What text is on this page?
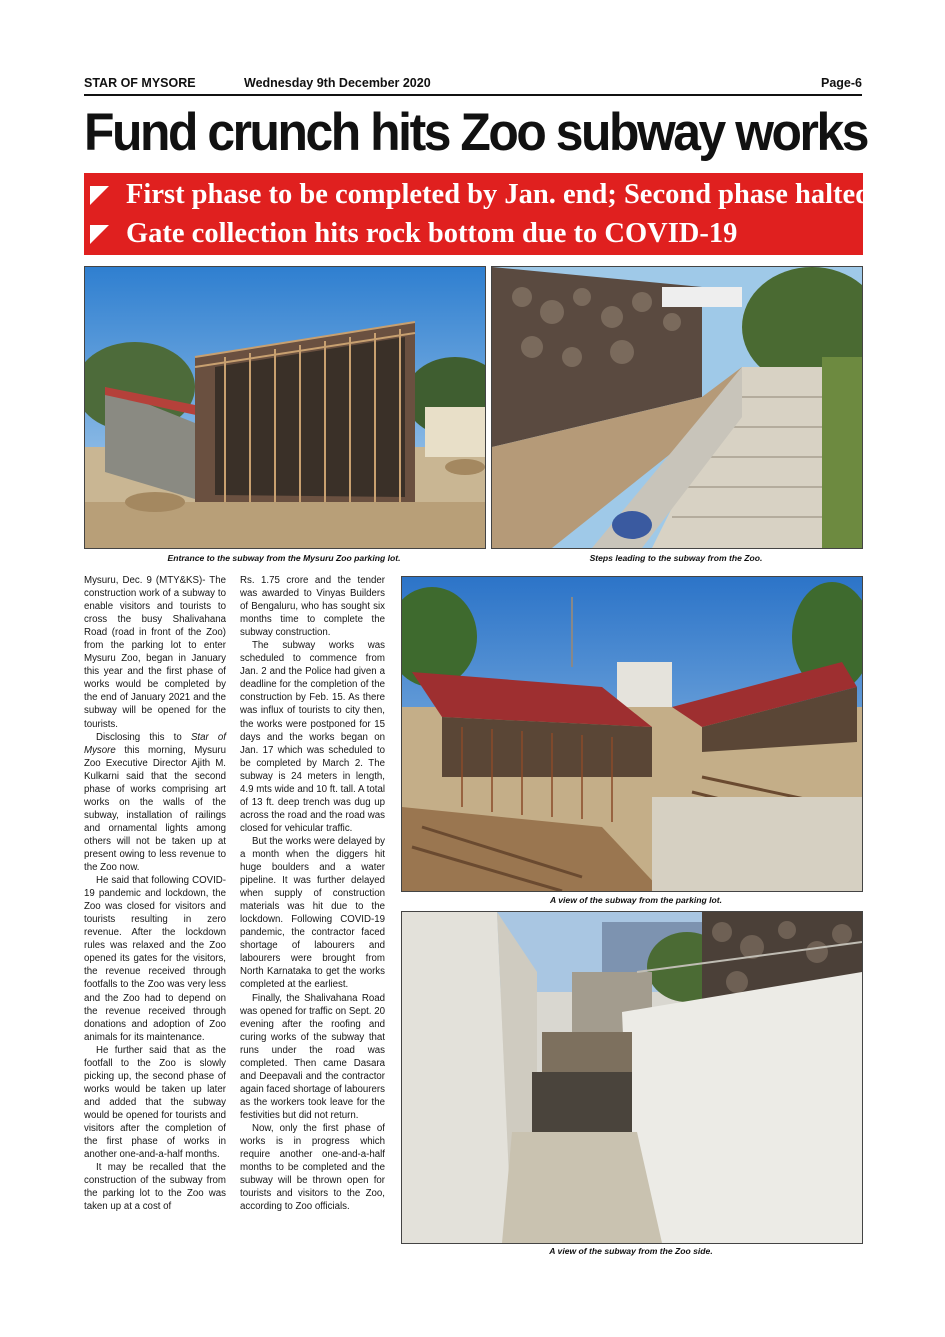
STAR OF MYSORE	Wednesday 9th December 2020	Page-6
Fund crunch hits Zoo subway works
First phase to be completed by Jan. end; Second phase halted
Gate collection hits rock bottom due to COVID-19
Entrance to the subway from the Mysuru Zoo parking lot.	Steps leading to the subway from the Zoo.

Mysuru, Dec. 9 (MTY&KS)- The construction work of a subway to enable visitors and tourists to cross the busy Shalivahana Road (road in front of the Zoo) from the parking lot to enter Mysuru Zoo, began in January this year and the first phase of works would be completed by the end of January 2021 and the subway will be opened for the tourists.

Disclosing this to Star of Mysore this morning, Mysuru Zoo Executive Director Ajith M. Kulkarni said that the second phase of works comprising art works on the walls of the subway, installation of railings and ornamental lights among others will not be taken up at present owing to less revenue to the Zoo now.

He said that following COVID-19 pandemic and lockdown, the Zoo was closed for visitors and tourists resulting in zero revenue. After the lockdown rules was relaxed and the Zoo opened its gates for the visitors, the revenue received through footfalls to the Zoo was very less and the Zoo had to depend on the revenue received through donations and adoption of Zoo animals for its maintenance.

He further said that as the footfall to the Zoo is slowly picking up, the second phase of works would be taken up later and added that the subway would be opened for tourists and visitors after the completion of the first phase of works in another one-and-a-half months.

It may be recalled that the construction of the subway from the parking lot to the Zoo was taken up at a cost of

Rs. 1.75 crore and the tender was awarded to Vinyas Builders of Bengaluru, who has sought six months time to complete the subway construction.

The subway works was scheduled to commence from Jan. 2 and the Police had given a deadline for the completion of the construction by Feb. 15. As there was influx of tourists to city then, the works were postponed for 15 days and the works began on Jan. 17 which was scheduled to be completed by March 2. The subway is 24 meters in length, 4.9 mts wide and 10 ft. tall. A total of 13 ft. deep trench was dug up across the road and the road was closed for vehicular traffic.

But the works were delayed by a month when the diggers hit huge boulders and a water pipeline. It was further delayed when supply of construction materials was hit due to the lockdown. Following COVID-19 pandemic, the contractor faced shortage of labourers and labourers were brought from North Karnataka to get the works completed at the earliest.

Finally, the Shalivahana Road was opened for traffic on Sept. 20 evening after the roofing and curing works of the subway that runs under the road was completed. Then came Dasara and Deepavali and the contractor again faced shortage of labourers as the workers took leave for the festivities but did not return.

Now, only the first phase of works is in progress which require another one-and-a-half months to be completed and the subway will be thrown open for tourists and visitors to the Zoo, according to Zoo officials.

A view of the subway from the parking lot.
A view of the subway from the Zoo side.
